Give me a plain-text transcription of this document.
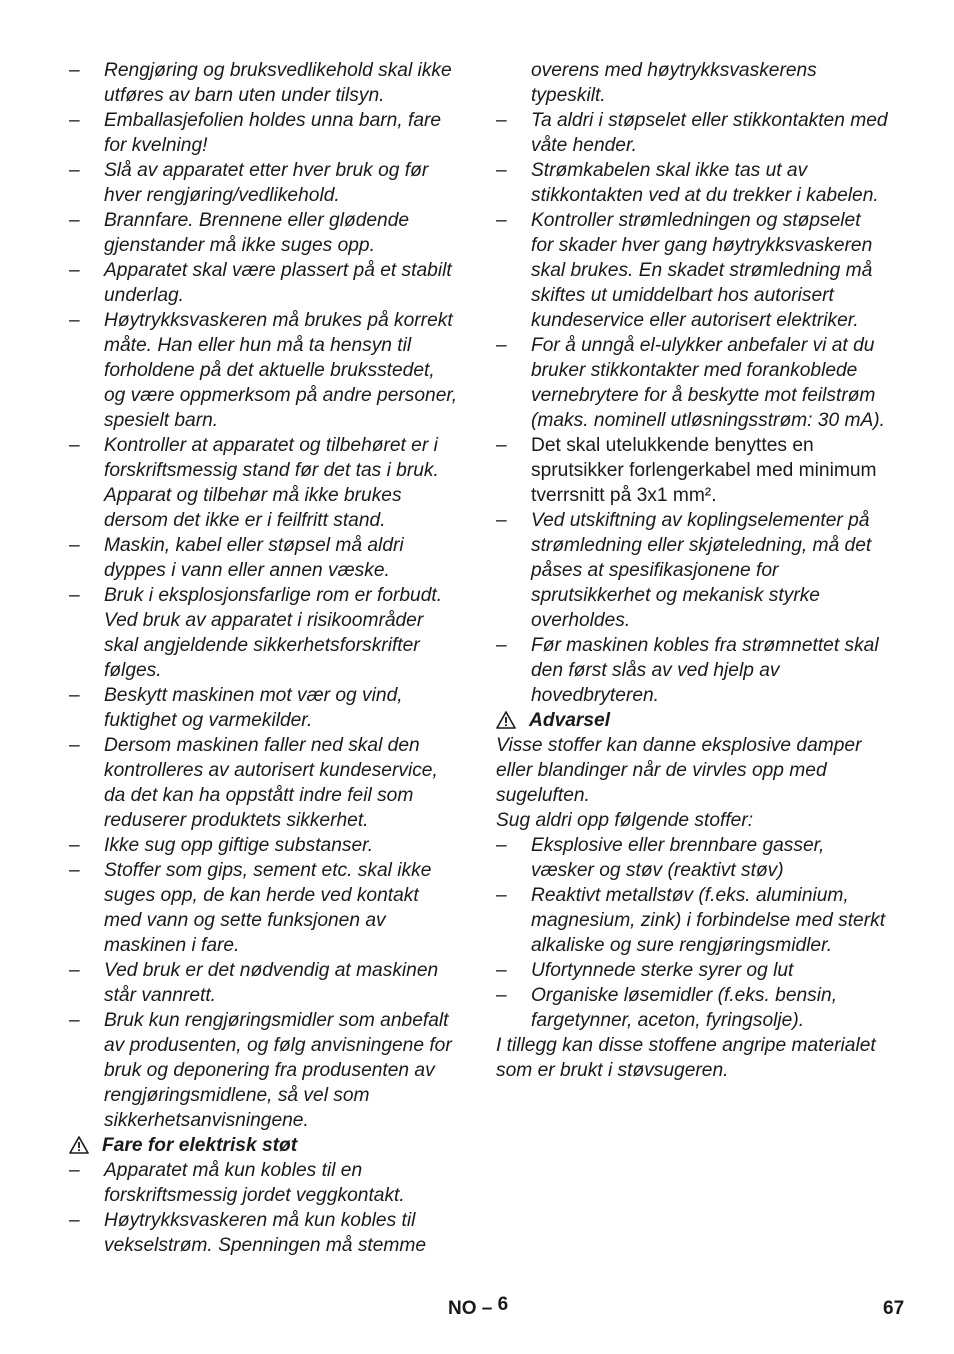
– Rengjøring og bruksvedlikehold skal ikke utføres av barn uten under tilsyn.
– Emballasjefolien holdes unna barn, fare for kvelning!
– Slå av apparatet etter hver bruk og før hver rengjøring/vedlikehold.
– Brannfare. Brennene eller glødende gjenstander må ikke suges opp.
– Apparatet skal være plassert på et stabilt underlag.
– Høytrykksvaskeren må brukes på korrekt måte. Han eller hun må ta hensyn til forholdene på det aktuelle bruksstedet, og være oppmerksom på andre personer, spesielt barn.
– Kontroller at apparatet og tilbehøret er i forskriftsmessig stand før det tas i bruk. Apparat og tilbehør må ikke brukes dersom det ikke er i feilfritt stand.
– Maskin, kabel eller støpsel må aldri dyppes i vann eller annen væske.
– Bruk i eksplosjonsfarlige rom er forbudt. Ved bruk av apparatet i risikoområder skal angjeldende sikkerhetsforskrifter følges.
– Beskytt maskinen mot vær og vind, fuktighet og varmekilder.
– Dersom maskinen faller ned skal den kontrolleres av autorisert kundeservice, da det kan ha oppstått indre feil som reduserer produktets sikkerhet.
– Ikke sug opp giftige substanser.
– Stoffer som gips, sement etc. skal ikke suges opp, de kan herde ved kontakt med vann og sette funksjonen av maskinen i fare.
– Ved bruk er det nødvendig at maskinen står vannrett.
– Bruk kun rengjøringsmidler som anbefalt av produsenten, og følg anvisningene for bruk og deponering fra produsenten av rengjøringsmidlene, så vel som sikkerhetsanvisningene.
Fare for elektrisk støt
– Apparatet må kun kobles til en forskriftsmessig jordet veggkontakt.
– Høytrykksvaskeren må kun kobles til vekselstrøm. Spenningen må stemme
overens med høytrykksvaskerens typeskilt.
– Ta aldri i støpselet eller stikkontakten med våte hender.
– Strømkabelen skal ikke tas ut av stikkontakten ved at du trekker i kabelen.
– Kontroller strømledningen og støpselet for skader hver gang høytrykksvaskeren skal brukes. En skadet strømledning må skiftes ut umiddelbart hos autorisert kundeservice eller autorisert elektriker.
– For å unngå el-ulykker anbefaler vi at du bruker stikkontakter med forankoblede vernebrytere for å beskytte mot feilstrøm (maks. nominell utløsningsstrøm: 30 mA).
– Det skal utelukkende benyttes en sprutsikker forlengerkabel med minimum tverrsnitt på 3x1 mm².
– Ved utskiftning av koplingselementer på strømledning eller skjøteledning, må det påses at spesifikasjonene for sprutsikkerhet og mekanisk styrke overholdes.
– Før maskinen kobles fra strømnettet skal den først slås av ved hjelp av hovedbryteren.
Advarsel
Visse stoffer kan danne eksplosive damper eller blandinger når de virvles opp med sugeluften.
Sug aldri opp følgende stoffer:
– Eksplosive eller brennbare gasser, væsker og støv (reaktivt støv)
– Reaktivt metallstøv (f.eks. aluminium, magnesium, zink) i forbindelse med sterkt alkaliske og sure rengjøringsmidler.
– Ufortynnede sterke syrer og lut
– Organiske løsemidler (f.eks. bensin, fargetynner, aceton, fyringsolje).
I tillegg kan disse stoffene angripe materialet som er brukt i støvsugeren.
NO – 6	67
